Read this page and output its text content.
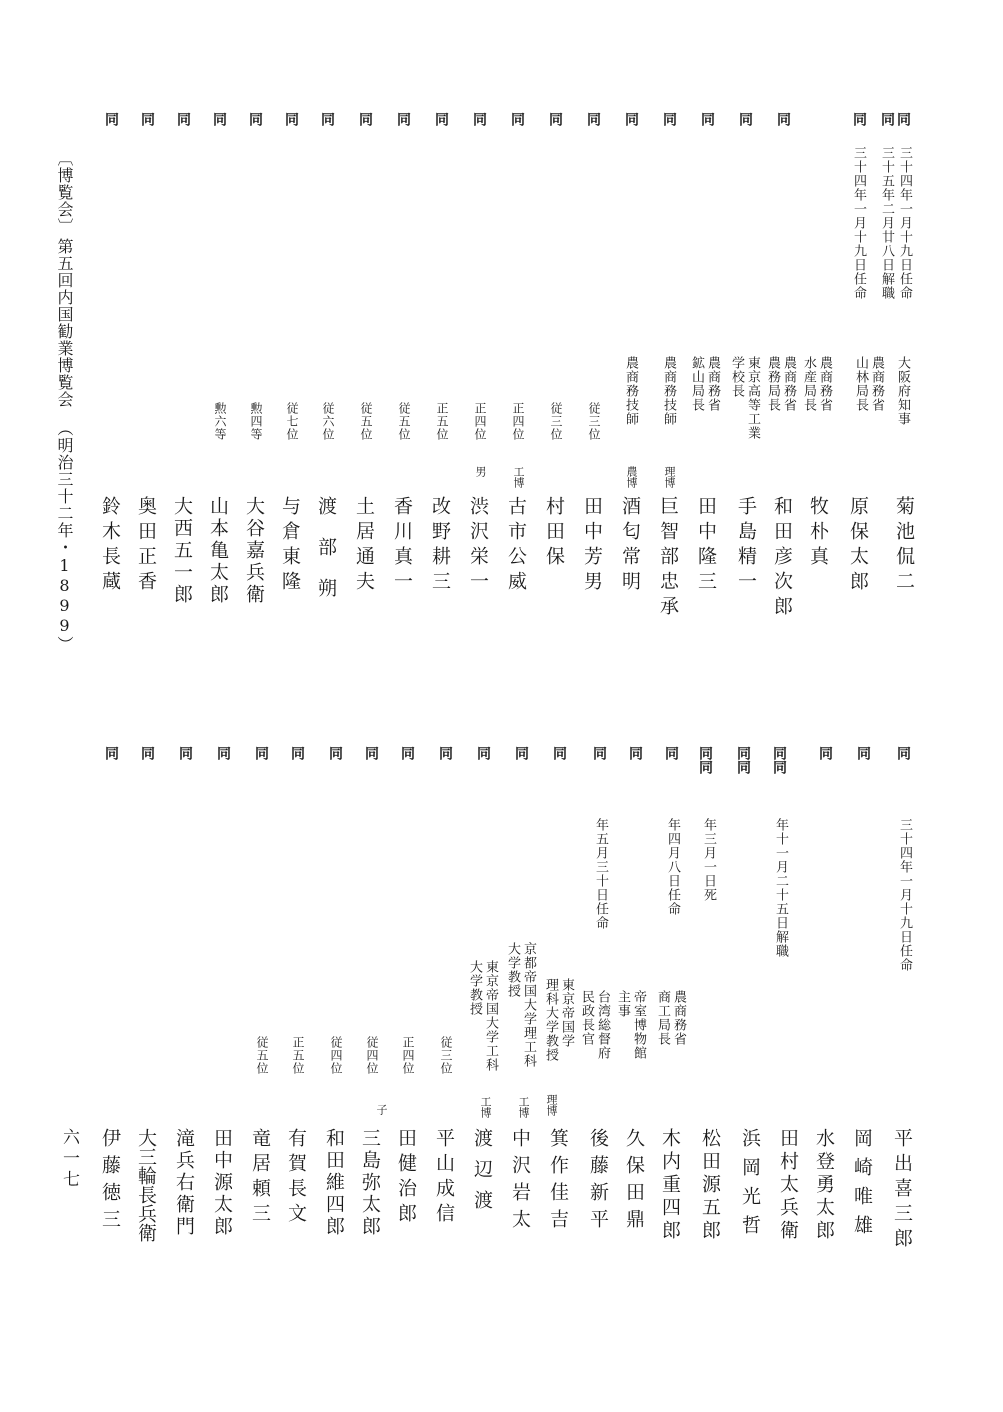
〔博覧会〕
第五回内国勧業博覧会
（明治三十二年・1899）
六一七
同
三十四年一月十九日任命
大阪府知事
菊池侃二
同
三十五年二月廿八日解職
農商務省
山林局長
原保太郎
同
三十四年一月十九日任命
農商務省
水産局長
牧朴真
同
農商務省
農務局長
和田彦次郎
同
東京高等工業
学校長
手島精一
同
農商務省
鉱山局長
田中隆三
同
農商務技師
理博
巨智部忠承
同
農商務技師
農博
酒匂常明
同
従三位
田中芳男
同
従三位
村田保
同
正四位
工博
古市公威
同
正四位
男
渋沢栄一
同
正五位
改野耕三
同
従五位
香川真一
同
従五位
土居通夫
同
従六位
渡部朔
同
従七位
与倉東隆
同
勲四等
大谷嘉兵衛
同
勲六等
山本亀太郎
同
大西五一郎
同
奥田正香
同
鈴木長蔵
同
三十四年一月十九日任命
平出喜三郎
同
岡崎唯雄
同
水登勇太郎
同同
年十一月二十五日解職
田村太兵衛
同同
浜岡光哲
同同
年三月一日死
松田源五郎
同
年四月八日任命
農商務省
商工局長
木内重四郎
同
帝室博物館
主事
久保田鼎
同
年五月三十日任命
台湾総督府
民政長官
後藤新平
同
東京帝国学
理科大学教授
理博
箕作佳吉
同
京都帝国大学理工科
大学教授
工博
中沢岩太
同
東京帝国大学工科
大学教授
工博
渡辺渡
同
従三位
平山成信
同
正四位
田健治郎
同
従四位
子
三島弥太郎
同
従四位
和田維四郎
同
正五位
有賀長文
同
従五位
竜居頼三
同
田中源太郎
同
滝兵右衛門
同
大三輪長兵衛
同
伊藤徳三
